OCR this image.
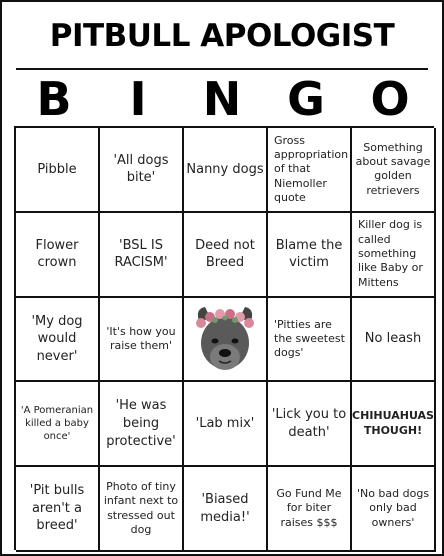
PITBULL APOLOGIST
B	I	N G O
Pibble
'All dogs bite'
Nanny dogs
Gross appropriation of that Niemoller quote
Something about savage golden retrievers
Flower crown
'BSL IS RACISM'
Deed not Breed
Blame the victim
Killer dog is called something like Baby or Mittens
'My dog would never'
'It's how you raise them'
'Pitties are the sweetest dogs'
No leash
'A Pomeranian killed a baby once'
'He was being protective'
'Lab mix'
'Lick you to death'
CHIHUAHUAS THOUGH!
'Pit bulls aren't a breed'
Photo of tiny infant next to stressed out dog
'Biased media!'
Go Fund Me for biter raises $$$
'No bad dogs only bad owners'
